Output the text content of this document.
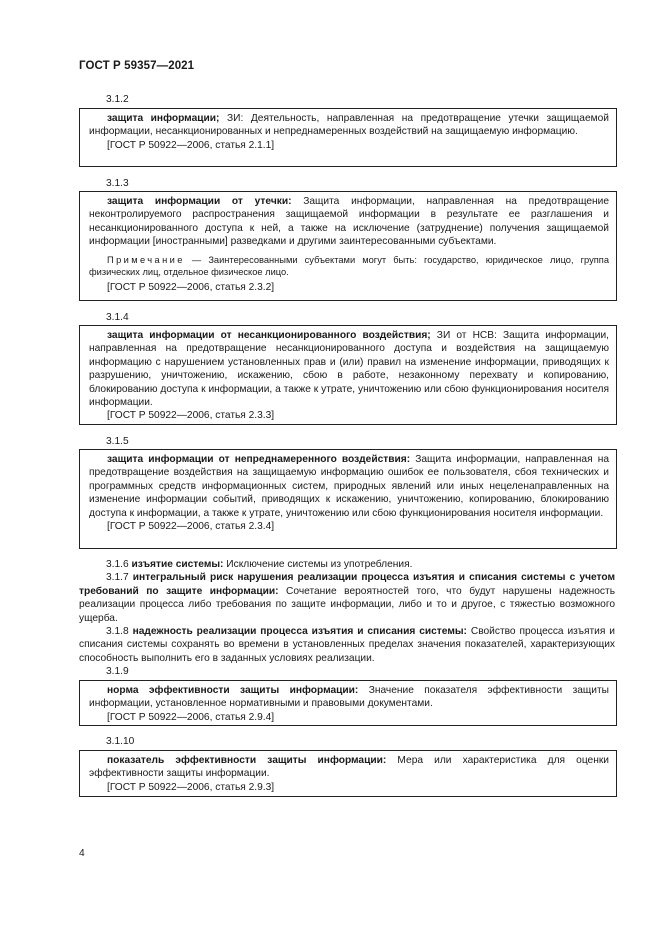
ГОСТ Р 59357—2021
3.1.2

защита информации; ЗИ: Деятельность, направленная на предотвращение утечки защищаемой информации, несанкционированных и непреднамеренных воздействий на защищаемую информацию.

[ГОСТ Р 50922—2006, статья 2.1.1]

3.1.3

защита информации от утечки: Защита информации, направленная на предотвращение неконтролируемого распространения защищаемой информации в результате ее разглашения и несанкционированного доступа к ней, а также на исключение (затруднение) получения защищаемой информации [иностранными] разведками и другими заинтересованными субъектами.

Примечание — Заинтересованными субъектами могут быть: государство, юридическое лицо, группа физических лиц, отдельное физическое лицо.

[ГОСТ Р 50922—2006, статья 2.3.2]

3.1.4

защита информации от несанкционированного воздействия; ЗИ от НСВ: Защита информации, направленная на предотвращение несанкционированного доступа и воздействия на защищаемую информацию с нарушением установленных прав и (или) правил на изменение информации, приводящих к разрушению, уничтожению, искажению, сбою в работе, незаконному перехвату и копированию, блокированию доступа к информации, а также к утрате, уничтожению или сбою функционирования носителя информации.

[ГОСТ Р 50922—2006, статья 2.3.3]

3.1.5

защита информации от непреднамеренного воздействия: Защита информации, направленная на предотвращение воздействия на защищаемую информацию ошибок ее пользователя, сбоя технических и программных средств информационных систем, природных явлений или иных нецеленаправленных на изменение информации событий, приводящих к искажению, уничтожению, копированию, блокированию доступа к информации, а также к утрате, уничтожению или сбою функционирования носителя информации.

[ГОСТ Р 50922—2006, статья 2.3.4]

3.1.6 изъятие системы: Исключение системы из употребления.

3.1.7 интегральный риск нарушения реализации процесса изъятия и списания системы с учетом требований по защите информации: Сочетание вероятностей того, что будут нарушены надежность реализации процесса либо требования по защите информации, либо и то и другое, с тяжестью возможного ущерба.

3.1.8 надежность реализации процесса изъятия и списания системы: Свойство процесса изъятия и списания системы сохранять во времени в установленных пределах значения показателей, характеризующих способность выполнить его в заданных условиях реализации.

3.1.9

норма эффективности защиты информации: Значение показателя эффективности защиты информации, установленное нормативными и правовыми документами.

[ГОСТ Р 50922—2006, статья 2.9.4]

3.1.10

показатель эффективности защиты информации: Мера или характеристика для оценки эффективности защиты информации.

[ГОСТ Р 50922—2006, статья 2.9.3]

4
